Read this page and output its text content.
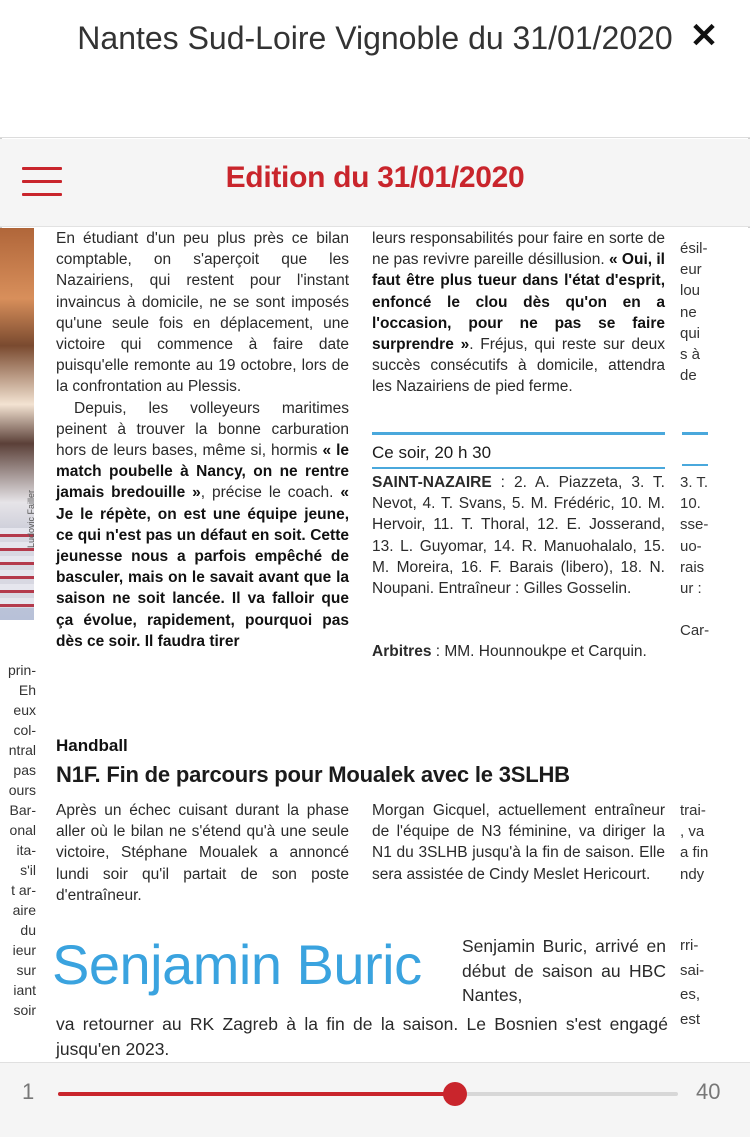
Nantes Sud-Loire Vignoble du 31/01/2020 ✕
Edition du 31/01/2020
prin-
Eh
eux
col-
ntral
pas
ours
Bar-
onal
ita-
s'il
t ar-
aire
du
ieur
sur
iant
soir
Ludovic Failler

En étudiant d'un peu plus près ce bilan comptable, on s'aperçoit que les Nazairiens, qui restent pour l'instant invaincus à domicile, ne se sont imposés qu'une seule fois en déplacement, une victoire qui commence à faire date puisqu'elle remonte au 19 octobre, lors de la confrontation au Plessis.

Depuis, les volleyeurs maritimes peinent à trouver la bonne carburation hors de leurs bases, même si, hormis « le match poubelle à Nancy, on ne rentre jamais bredouille », précise le coach. « Je le répète, on est une équipe jeune, ce qui n'est pas un défaut en soit. Cette jeunesse nous a parfois empêché de basculer, mais on le savait avant que la saison ne soit lancée. Il va falloir que ça évolue, rapidement, pourquoi pas dès ce soir. Il faudra tirer

leurs responsabilités pour faire en sorte de ne pas revivre pareille désillusion. « Oui, il faut être plus tueur dans l'état d'esprit, enfoncé le clou dès qu'on en a l'occasion, pour ne pas se faire surprendre ». Fréjus, qui reste sur deux succès consécutifs à domicile, attendra les Nazairiens de pied ferme.

ésil-
eur
lou
ne
qui
s à
de
3. T.
10.
sse-
uo-
rais
ur :

Car-
trai-
, va
a fin
ndy
rri-
sai-
es,
est
Ce soir, 20 h 30
SAINT-NAZAIRE : 2. A. Piazzeta, 3. T. Nevot, 4. T. Svans, 5. M. Frédéric, 10. M. Hervoir, 11. T. Thoral, 12. E. Josserand, 13. L. Guyomar, 14. R. Manuohalalo, 15. M. Moreira, 16. F. Barais (libero), 18. N. Noupani. Entraîneur : Gilles Gosselin.
Arbitres : MM. Hounnoukpe et Carquin.
Handball
N1F. Fin de parcours pour Moualek avec le 3SLHB
Après un échec cuisant durant la phase aller où le bilan ne s'étend qu'à une seule victoire, Stéphane Moualek a annoncé lundi soir qu'il partait de son poste d'entraîneur.
Morgan Gicquel, actuellement entraîneur de l'équipe de N3 féminine, va diriger la N1 du 3SLHB jusqu'à la fin de saison. Elle sera assistée de Cindy Meslet Hericourt.
Senjamin Buric Senjamin Buric, arrivé en début de saison au HBC Nantes,
va retourner au RK Zagreb à la fin de la saison. Le Bosnien s'est engagé jusqu'en 2023.
1	40
